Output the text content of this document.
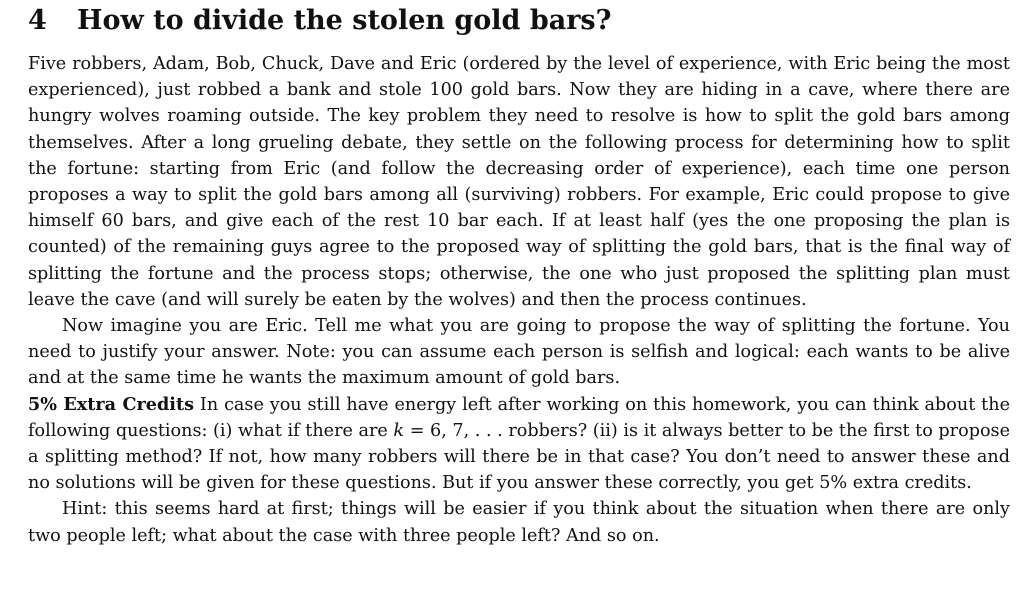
4	How to divide the stolen gold bars?

Five robbers, Adam, Bob, Chuck, Dave and Eric (ordered by the level of experience, with Eric being the most experienced), just robbed a bank and stole 100 gold bars. Now they are hiding in a cave, where there are hungry wolves roaming outside. The key problem they need to resolve is how to split the gold bars among themselves. After a long grueling debate, they settle on the following process for determining how to split the fortune: starting from Eric (and follow the decreasing order of experience), each time one person proposes a way to split the gold bars among all (surviving) robbers. For example, Eric could propose to give himself 60 bars, and give each of the rest 10 bar each. If at least half (yes the one proposing the plan is counted) of the remaining guys agree to the proposed way of splitting the gold bars, that is the final way of splitting the fortune and the process stops; otherwise, the one who just proposed the splitting plan must leave the cave (and will surely be eaten by the wolves) and then the process continues.

Now imagine you are Eric. Tell me what you are going to propose the way of splitting the fortune. You need to justify your answer. Note: you can assume each person is selfish and logical: each wants to be alive and at the same time he wants the maximum amount of gold bars.

5% Extra Credits In case you still have energy left after working on this homework, you can think about the following questions: (i) what if there are k = 6, 7, . . . robbers? (ii) is it always better to be the first to propose a splitting method? If not, how many robbers will there be in that case? You don’t need to answer these and no solutions will be given for these questions. But if you answer these correctly, you get 5% extra credits.

Hint: this seems hard at first; things will be easier if you think about the situation when there are only two people left; what about the case with three people left? And so on.
